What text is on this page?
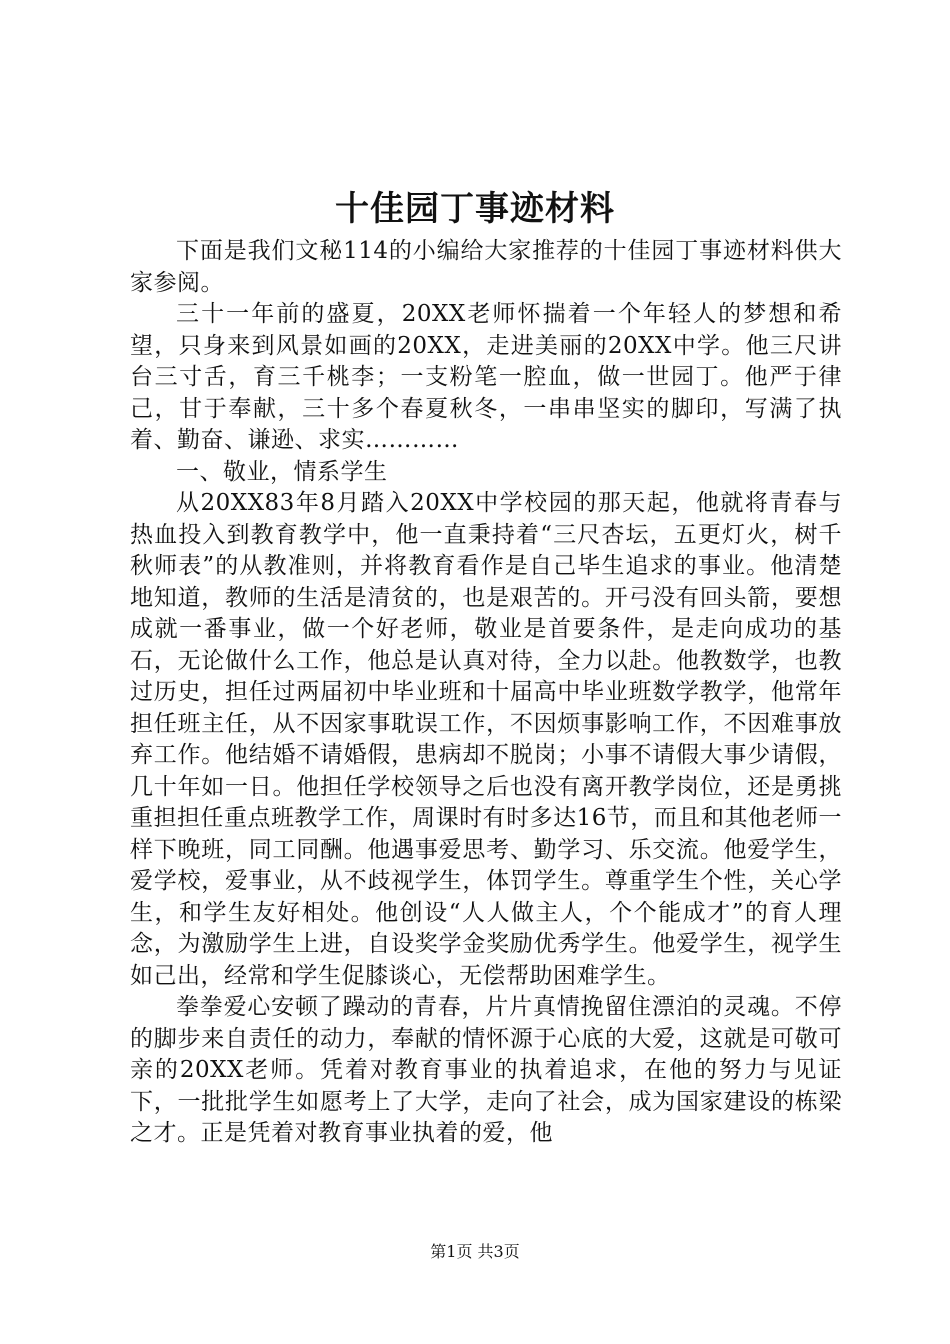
十佳园丁事迹材料

下面是我们文秘114的小编给大家推荐的十佳园丁事迹材料供大家参阅。

三十一年前的盛夏，20XX老师怀揣着一个年轻人的梦想和希望，只身来到风景如画的20XX，走进美丽的20XX中学。他三尺讲台三寸舌，育三千桃李；一支粉笔一腔血，做一世园丁。他严于律己，甘于奉献，三十多个春夏秋冬，一串串坚实的脚印，写满了执着、勤奋、谦逊、求实…………

一、敬业，情系学生

从20XX83年8月踏入20XX中学校园的那天起，他就将青春与热血投入到教育教学中，他一直秉持着“三尺杏坛，五更灯火，树千秋师表”的从教准则，并将教育看作是自己毕生追求的事业。他清楚地知道，教师的生活是清贫的，也是艰苦的。开弓没有回头箭，要想成就一番事业，做一个好老师，敬业是首要条件，是走向成功的基石，无论做什么工作，他总是认真对待，全力以赴。他教数学，也教过历史，担任过两届初中毕业班和十届高中毕业班数学教学，他常年担任班主任，从不因家事耽误工作，不因烦事影响工作，不因难事放弃工作。他结婚不请婚假，患病却不脱岗；小事不请假大事少请假，几十年如一日。他担任学校领导之后也没有离开教学岗位，还是勇挑重担担任重点班教学工作，周课时有时多达16节，而且和其他老师一样下晚班，同工同酬。他遇事爱思考、勤学习、乐交流。他爱学生，爱学校，爱事业，从不歧视学生，体罚学生。尊重学生个性，关心学生，和学生友好相处。他创设“人人做主人，个个能成才”的育人理念，为激励学生上进，自设奖学金奖励优秀学生。他爱学生，视学生如己出，经常和学生促膝谈心，无偿帮助困难学生。

拳拳爱心安顿了躁动的青春，片片真情挽留住漂泊的灵魂。不停的脚步来自责任的动力，奉献的情怀源于心底的大爱，这就是可敬可亲的20XX老师。凭着对教育事业的执着追求，在他的努力与见证下，一批批学生如愿考上了大学，走向了社会，成为国家建设的栋梁之才。正是凭着对教育事业执着的爱，他

第1页 共3页
